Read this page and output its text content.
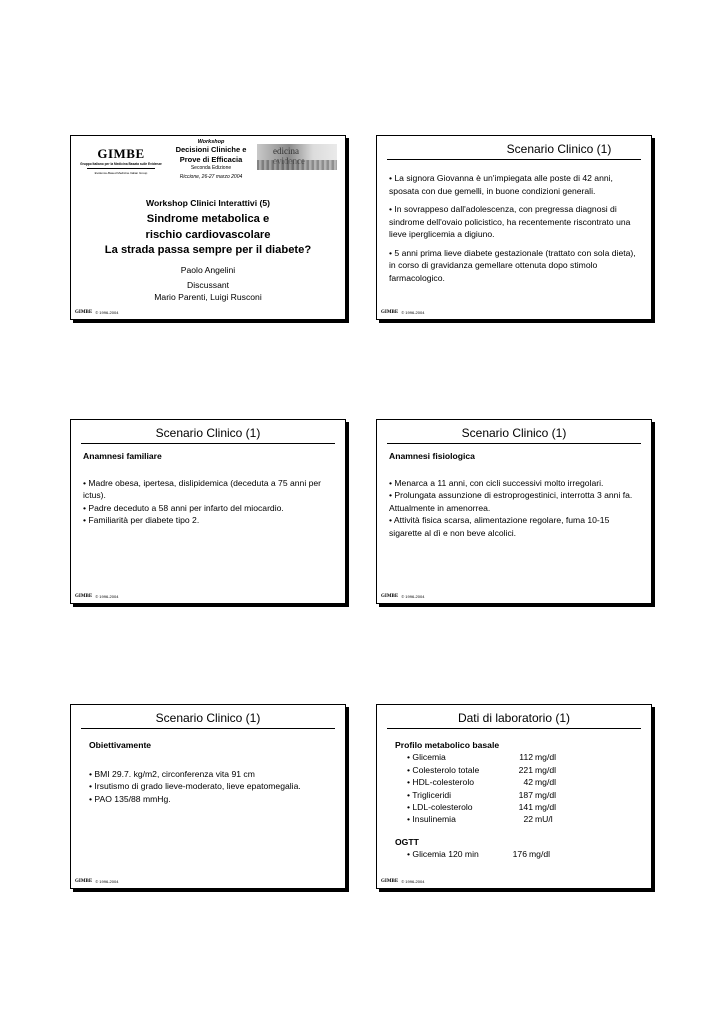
GIMBE
Gruppo Italiano per la Medicina Basata sulle Evidenze
Evidence-Based Medicine Italian Group
Workshop
Decisioni Cliniche e
Prove di Efficacia
Seconda Edizione
Riccione, 26-27 marzo 2004
edicina
Workshop Clinici Interattivi (5)
Sindrome metabolica e
rischio cardiovascolare
La strada passa sempre per il diabete?
Paolo Angelini
Discussant
Mario Parenti, Luigi Rusconi
GIMBE © 1996-2004
Scenario Clinico (1)

• La signora Giovanna è un'impiegata alle poste di 42 anni, sposata con due gemelli, in buone condizioni generali.

• In sovrappeso dall'adolescenza, con pregressa diagnosi di sindrome dell'ovaio policistico, ha recentemente riscontrato una lieve iperglicemia a digiuno.

• 5 anni prima lieve diabete gestazionale (trattato con sola dieta), in corso di gravidanza gemellare ottenuta dopo stimolo farmacologico.

GIMBE © 1996-2004
Scenario Clinico (1)
Anamnesi familiare
• Madre obesa, ipertesa, dislipidemica (deceduta a 75 anni per ictus).
• Padre deceduto a 58 anni per infarto del miocardio.
• Familiarità per diabete tipo 2.
GIMBE © 1996-2004
Scenario Clinico (1)
Anamnesi fisiologica
• Menarca a 11 anni, con cicli successivi molto irregolari.
• Prolungata assunzione di estroprogestinici, interrotta 3 anni fa. Attualmente in amenorrea.
• Attività fisica scarsa, alimentazione regolare, fuma 10-15 sigarette al dì e non beve alcolici.
GIMBE © 1996-2004
Scenario Clinico (1)
Obiettivamente
• BMI 29.7. kg/m2, circonferenza vita 91 cm
• Irsutismo di grado lieve-moderato, lieve epatomegalia.
• PAO 135/88 mmHg.
GIMBE © 1996-2004
Dati di laboratorio (1)
Profilo metabolico basale
• Glicemia	112 mg/dl
• Colesterolo totale	221 mg/dl
• HDL-colesterolo	42 mg/dl
• Trigliceridi	187 mg/dl
• LDL-colesterolo	141 mg/dl
• Insulinemia	22 mU/l
OGTT
• Glicemia 120 min	176 mg/dl
GIMBE © 1996-2004
